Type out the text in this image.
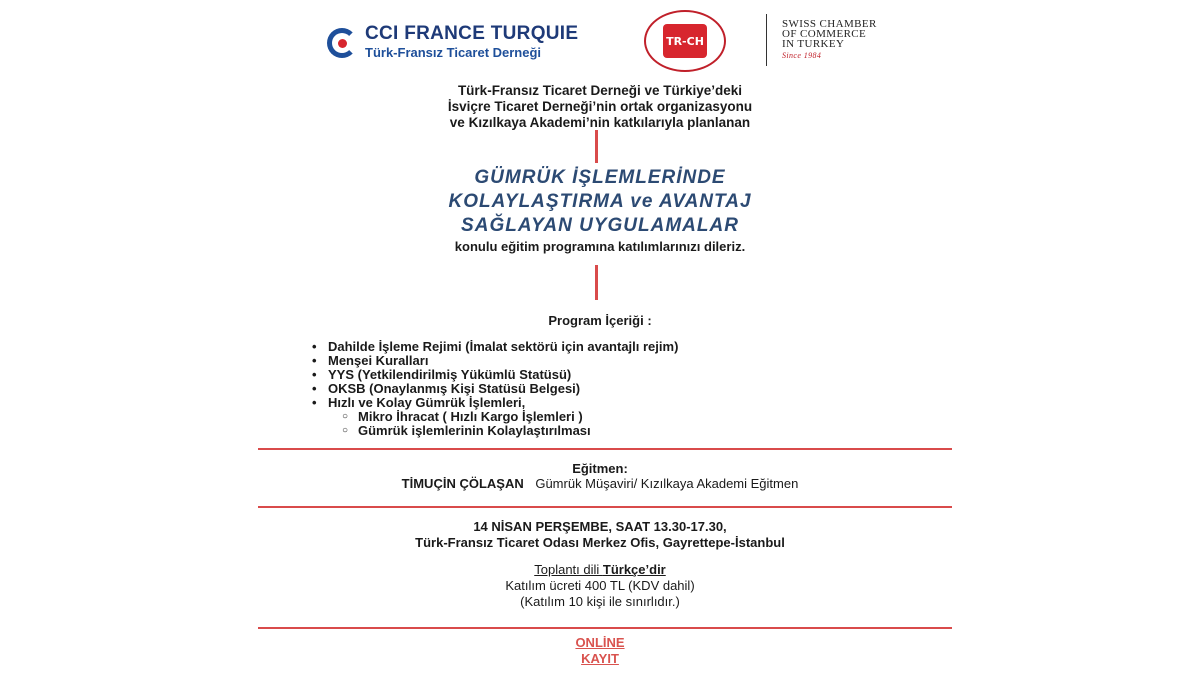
CCI FRANCE TURQUIE
Türk-Fransız Ticaret Derneği
TR-CH
SWISS CHAMBER
OF COMMERCE
IN TURKEY
Since 1984
Türk-Fransız Ticaret Derneği ve Türkiye’deki
İsviçre Ticaret Derneği’nin ortak organizasyonu
ve Kızılkaya Akademi’nin katkılarıyla planlanan
GÜMRÜK İŞLEMLERİNDE
KOLAYLAŞTIRMA ve AVANTAJ
SAĞLAYAN UYGULAMALAR
konulu eğitim programına katılımlarınızı dileriz.
Program İçeriği :
• Dahilde İşleme Rejimi (İmalat sektörü için avantajlı rejim)
• Menşei Kuralları
• YYS (Yetkilendirilmiş Yükümlü Statüsü)
• OKSB (Onaylanmış Kişi Statüsü Belgesi)
• Hızlı ve Kolay Gümrük İşlemleri,
○ Mikro İhracat ( Hızlı Kargo İşlemleri )
○ Gümrük işlemlerinin Kolaylaştırılması
Eğitmen:
TİMUÇİN ÇÖLAŞAN Gümrük Müşaviri/ Kızılkaya Akademi Eğitmen
14 NİSAN PERŞEMBE, SAAT 13.30-17.30,
Türk-Fransız Ticaret Odası Merkez Ofis, Gayrettepe-İstanbul
Toplantı dili Türkçe’dir
Katılım ücreti 400 TL (KDV dahil)
(Katılım 10 kişi ile sınırlıdır.)
ONLİNE
KAYIT
